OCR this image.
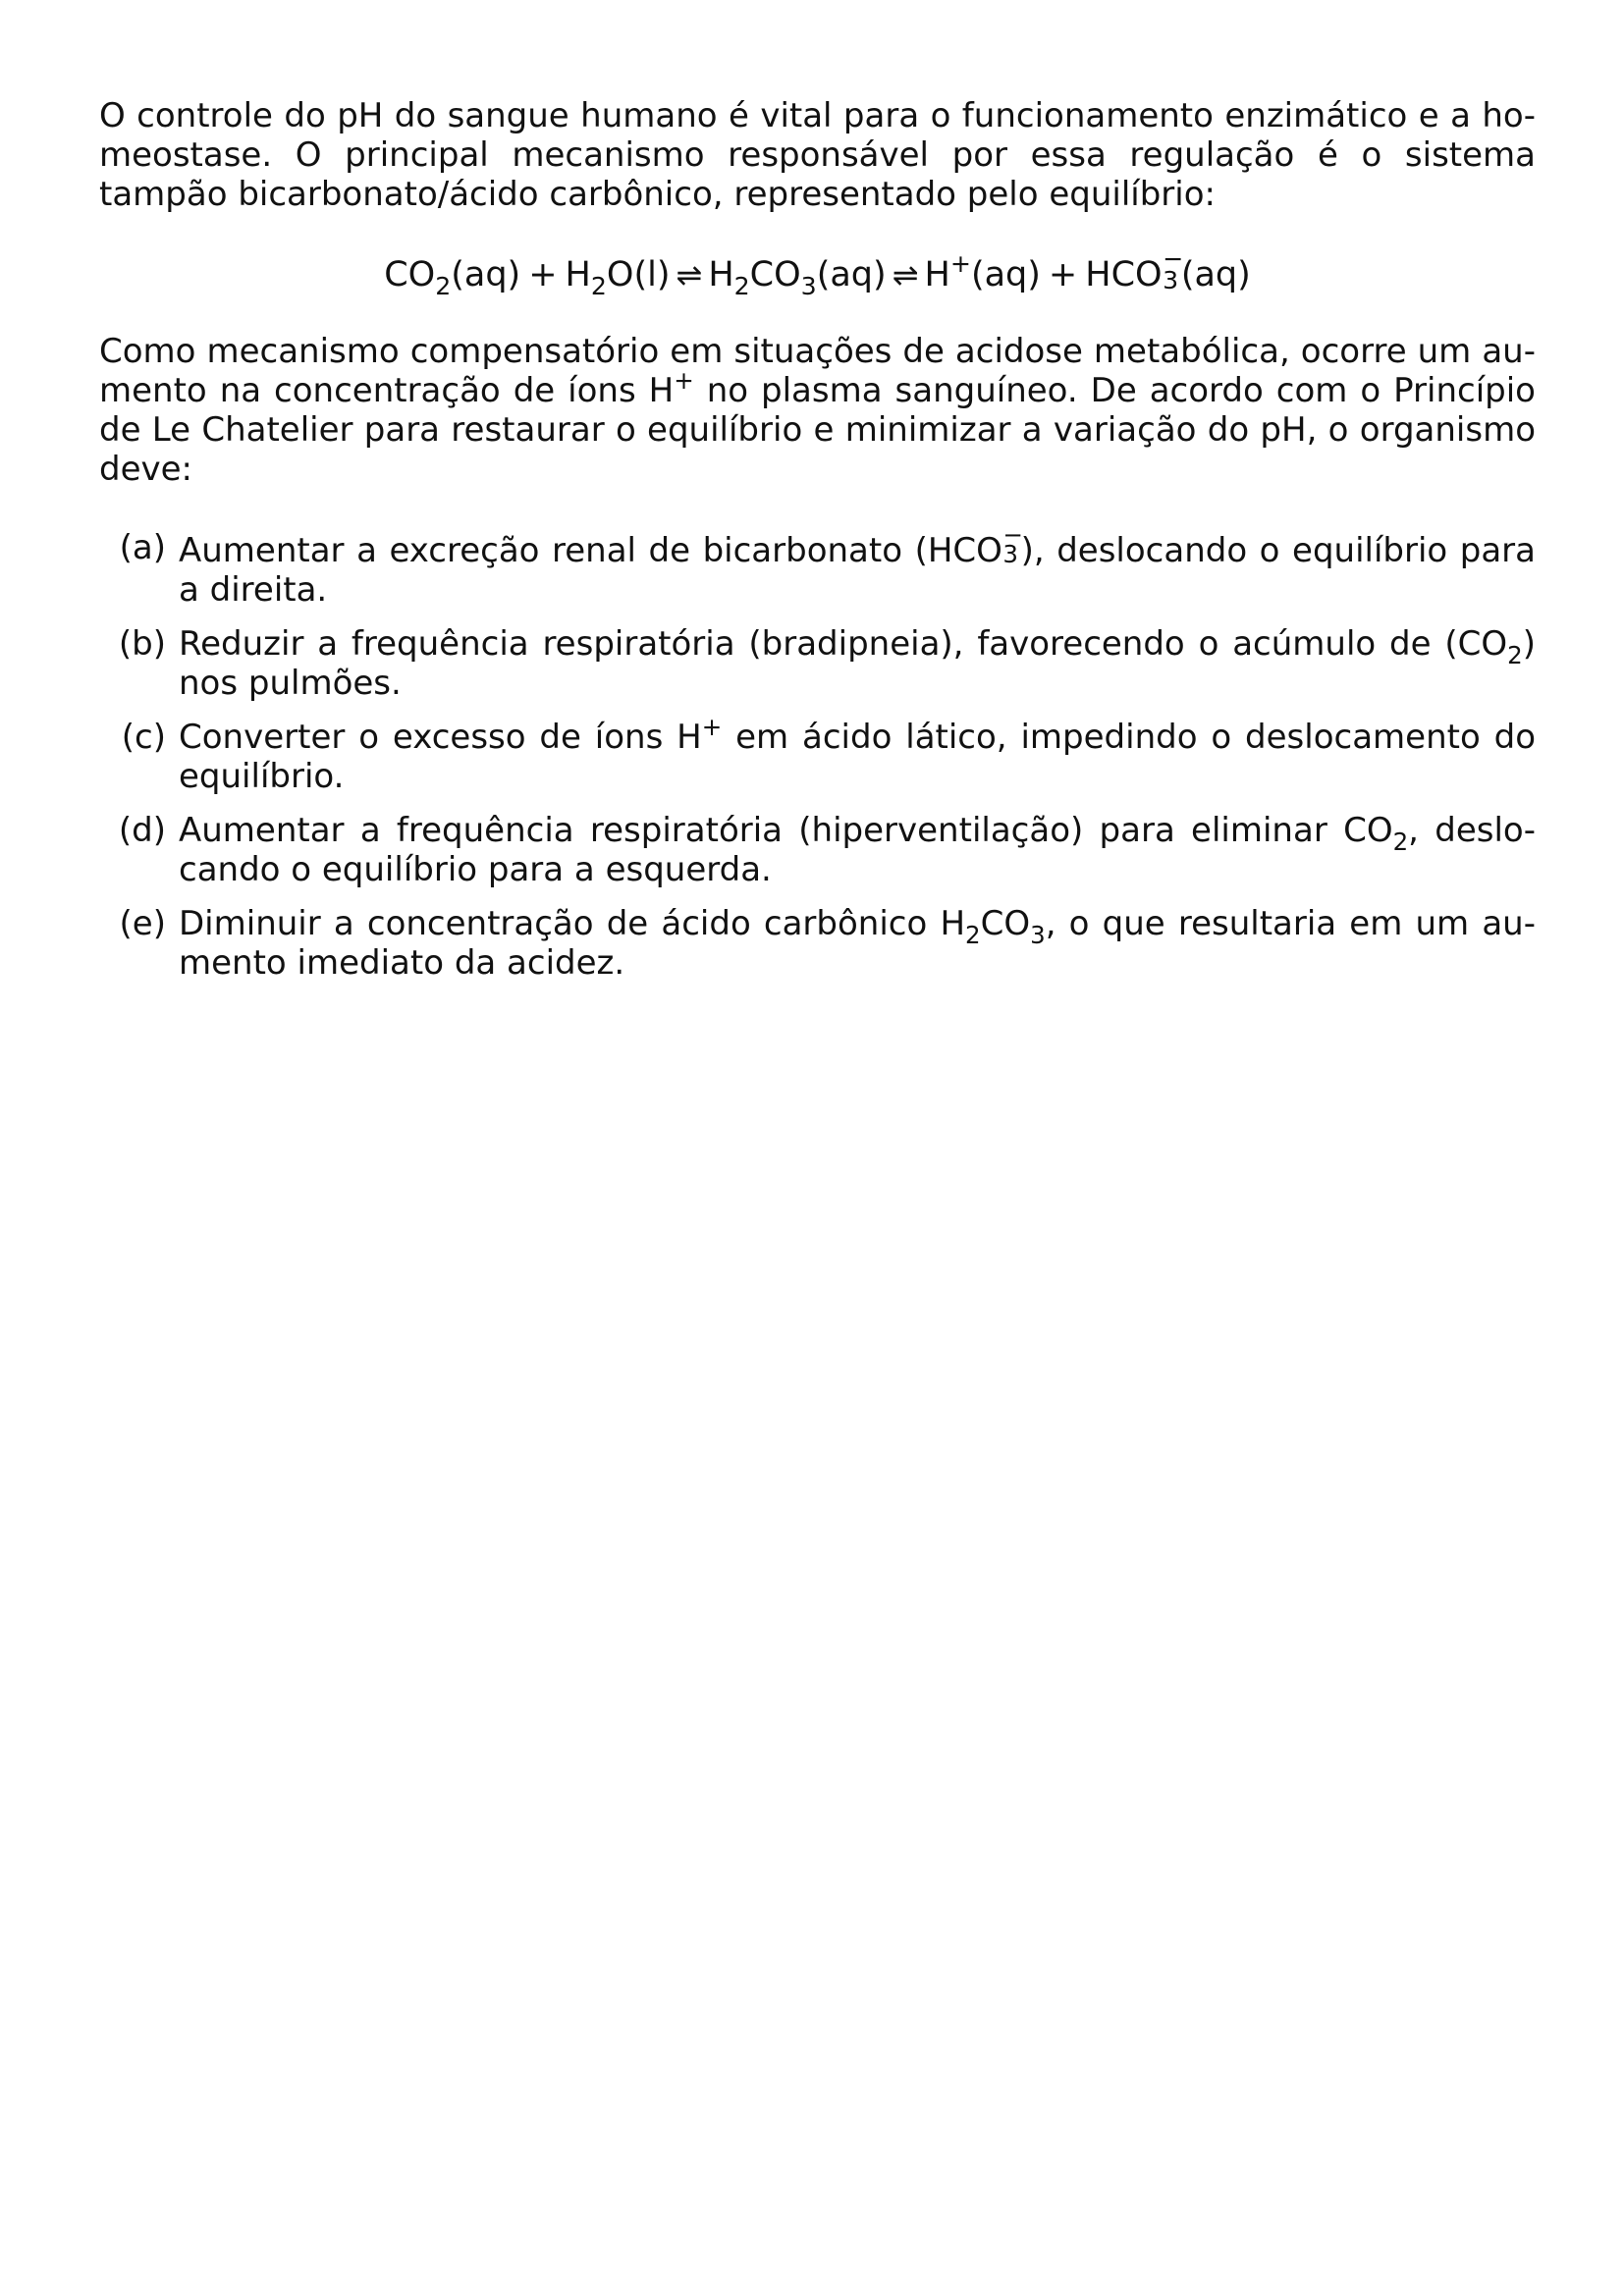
O controle do pH do sangue humano é vital para o funcionamento enzimático e a homeostase. O principal mecanismo responsável por essa regulação é o sistema tampão bicarbonato/ácido carbônico, representado pelo equilíbrio:

$CO_2(aq) + H_2O(l)$ ⇌ $H_2CO_3(aq)$ ⇌ H+(aq) + HCO −
3 (aq)

Como mecanismo compensatório em situações de acidose metabólica, ocorre um aumento na concentração de íons H+ no plasma sanguíneo. De acordo com o Princípio de Le Chatelier para restaurar o equilíbrio e minimizar a variação do pH, o organismo deve:

(a) Aumentar a excreção renal de bicarbonato (HCO −
3 ), deslocando o equilíbrio para a direita.
(b) Reduzir a frequência respiratória (bradipneia), favorecendo o acúmulo de $(CO_2)$ nos pulmões.
(c) Converter o excesso de íons H+ em ácido lático, impedindo o deslocamento do equilíbrio.
(d) Aumentar a frequência respiratória (hiperventilação) para eliminar $CO_2$, deslocando o equilíbrio para a esquerda.
(e) Diminuir a concentração de ácido carbônico $H_2CO_3$, o que resultaria em um aumento imediato da acidez.
